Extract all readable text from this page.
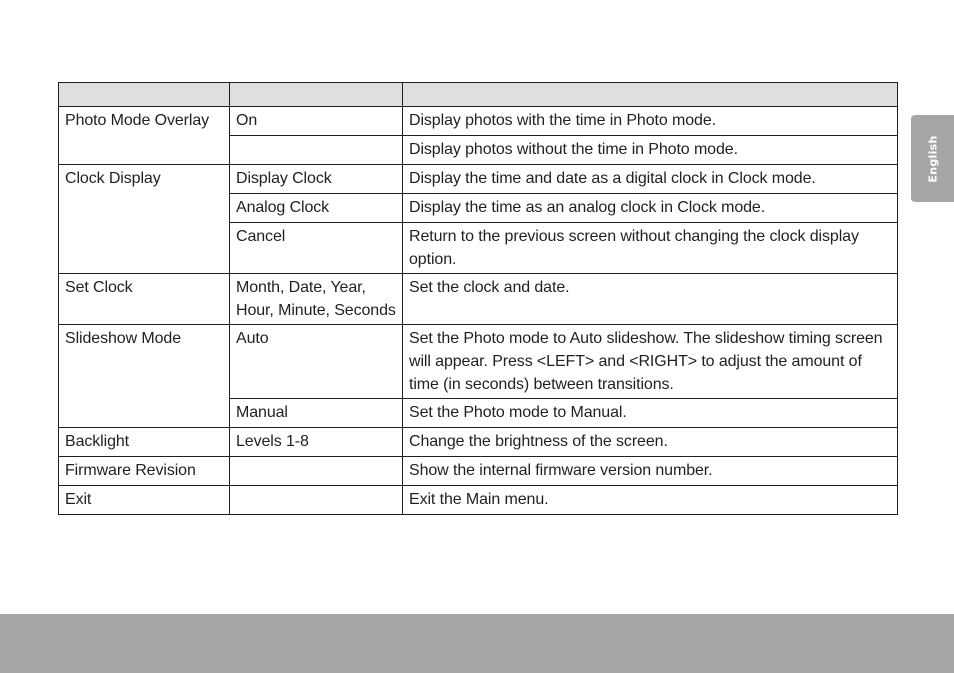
Photo Mode Overlay	On	Display photos with the time in Photo mode.
		Display photos without the time in Photo mode.
Clock Display	Display Clock	Display the time and date as a digital clock in Clock mode.
	Analog Clock	Display the time as an analog clock in Clock mode.
	Cancel	Return to the previous screen without changing the clock display option.
Set Clock	Month, Date, Year, Hour, Minute, Seconds	Set the clock and date.
Slideshow Mode	Auto	Set the Photo mode to Auto slideshow. The slideshow timing screen will appear. Press <LEFT> and <RIGHT> to adjust the amount of time (in seconds) between transitions.
	Manual	Set the Photo mode to Manual.
Backlight	Levels 1-8	Change the brightness of the screen.
Firmware Revision		Show the internal firmware version number.
Exit		Exit the Main menu.
English
